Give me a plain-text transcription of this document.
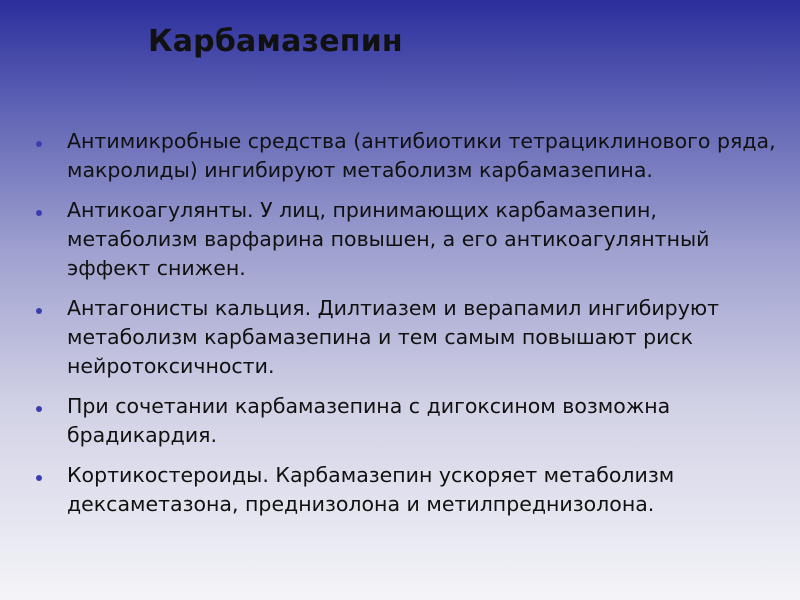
Карбамазепин
Антимикробные средства (антибиотики тетрациклинового ряда, макролиды) ингибируют метаболизм карбамазепина.
Антикоагулянты. У лиц, принимающих карбамазепин, метаболизм варфарина повышен, а его антикоагулянтный эффект снижен.
Антагонисты кальция. Дилтиазем и верапамил ингибируют метаболизм карбамазепина и тем самым повышают риск нейротоксичности.
При сочетании карбамазепина с дигоксином возможна брадикардия.
Кортикостероиды. Карбамазепин ускоряет метаболизм дексаметазона, преднизолона и метилпреднизолона.
